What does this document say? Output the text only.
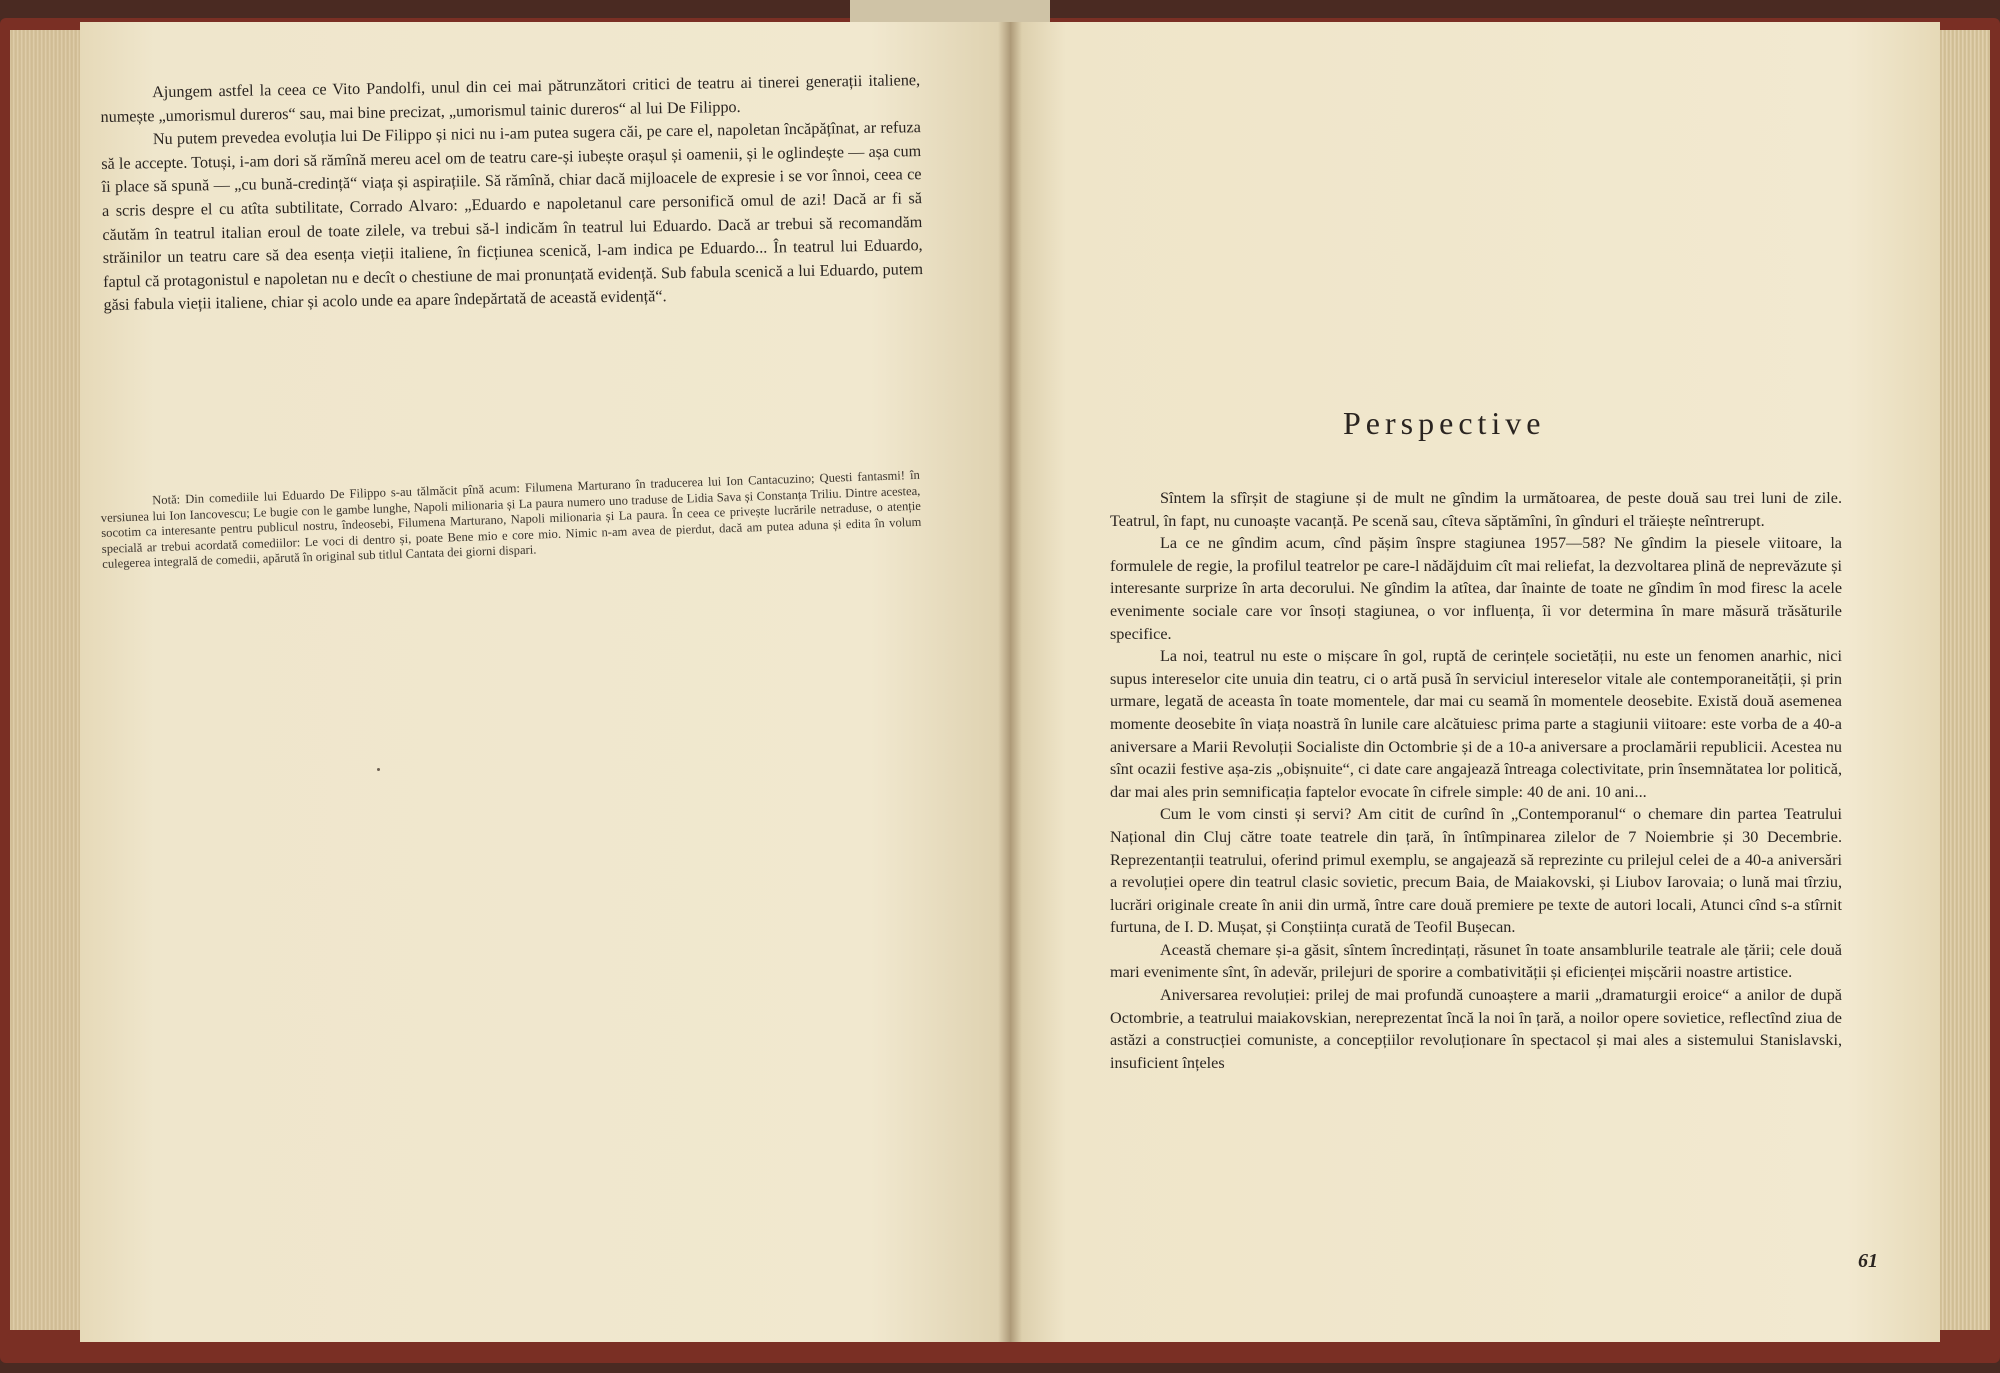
Ajungem astfel la ceea ce Vito Pandolfi, unul din cei mai pătrunzători critici de teatru ai tinerei generații italiene, numește „umorismul dureros“ sau, mai bine precizat, „umorismul tainic dureros“ al lui De Filippo.

Nu putem prevedea evoluția lui De Filippo și nici nu i-am putea sugera căi, pe care el, napoletan încăpățînat, ar refuza să le accepte. Totuși, i-am dori să rămînă mereu acel om de teatru care-și iubește orașul și oamenii, și le oglindește — așa cum îi place să spună — „cu bună-credință“ viața și aspirațiile. Să rămînă, chiar dacă mijloacele de expresie i se vor înnoi, ceea ce a scris despre el cu atîta subtilitate, Corrado Alvaro: „Eduardo e napoletanul care personifică omul de azi! Dacă ar fi să căutăm în teatrul italian eroul de toate zilele, va trebui să-l indicăm în teatrul lui Eduardo. Dacă ar trebui să recomandăm străinilor un teatru care să dea esența vieții italiene, în ficțiunea scenică, l-am indica pe Eduardo... În teatrul lui Eduardo, faptul că protagonistul e napoletan nu e decît o chestiune de mai pronunțată evidență. Sub fabula scenică a lui Eduardo, putem găsi fabula vieții italiene, chiar și acolo unde ea apare îndepărtată de această evidență“.

Notă: Din comediile lui Eduardo De Filippo s-au tălmăcit pînă acum: Filumena Marturano în traducerea lui Ion Cantacuzino; Questi fantasmi! în versiunea lui Ion Iancovescu; Le bugie con le gambe lunghe, Napoli milionaria și La paura numero uno traduse de Lidia Sava și Constanța Triliu. Dintre acestea, socotim ca interesante pentru publicul nostru, îndeosebi, Filumena Marturano, Napoli milionaria și La paura. În ceea ce privește lucrările netraduse, o atenție specială ar trebui acordată comediilor: Le voci di dentro și, poate Bene mio e core mio. Nimic n-am avea de pierdut, dacă am putea aduna și edita în volum culegerea integrală de comedii, apărută în original sub titlul Cantata dei giorni dispari.

Perspective

Sîntem la sfîrșit de stagiune și de mult ne gîndim la următoarea, de peste două sau trei luni de zile. Teatrul, în fapt, nu cunoaște vacanță. Pe scenă sau, cîteva săptămîni, în gînduri el trăiește neîntrerupt.

La ce ne gîndim acum, cînd pășim înspre stagiunea 1957—58? Ne gîndim la piesele viitoare, la formulele de regie, la profilul teatrelor pe care-l nădăjduim cît mai reliefat, la dezvoltarea plină de neprevăzute și interesante surprize în arta decorului. Ne gîndim la atîtea, dar înainte de toate ne gîndim în mod firesc la acele evenimente sociale care vor însoți stagiunea, o vor influența, îi vor determina în mare măsură trăsăturile specifice.

La noi, teatrul nu este o mișcare în gol, ruptă de cerințele societății, nu este un fenomen anarhic, nici supus intereselor cite unuia din teatru, ci o artă pusă în serviciul intereselor vitale ale contemporaneității, și prin urmare, legată de aceasta în toate momentele, dar mai cu seamă în momentele deosebite. Există două asemenea momente deosebite în viața noastră în lunile care alcătuiesc prima parte a stagiunii viitoare: este vorba de a 40-a aniversare a Marii Revoluții Socialiste din Octombrie și de a 10-a aniversare a proclamării republicii. Acestea nu sînt ocazii festive așa-zis „obișnuite“, ci date care angajează întreaga colectivitate, prin însemnătatea lor politică, dar mai ales prin semnificația faptelor evocate în cifrele simple: 40 de ani. 10 ani...

Cum le vom cinsti și servi? Am citit de curînd în „Contemporanul“ o chemare din partea Teatrului Național din Cluj către toate teatrele din țară, în întîmpinarea zilelor de 7 Noiembrie și 30 Decembrie. Reprezentanții teatrului, oferind primul exemplu, se angajează să reprezinte cu prilejul celei de a 40-a aniversări a revoluției opere din teatrul clasic sovietic, precum Baia, de Maiakovski, și Liubov Iarovaia; o lună mai tîrziu, lucrări originale create în anii din urmă, între care două premiere pe texte de autori locali, Atunci cînd s-a stîrnit furtuna, de I. D. Mușat, și Conștiința curată de Teofil Bușecan.

Această chemare și-a găsit, sîntem încredințați, răsunet în toate ansamblurile teatrale ale țării; cele două mari evenimente sînt, în adevăr, prilejuri de sporire a combativității și eficienței mișcării noastre artistice.

Aniversarea revoluției: prilej de mai profundă cunoaștere a marii „dramaturgii eroice“ a anilor de după Octombrie, a teatrului maiakovskian, nereprezentat încă la noi în țară, a noilor opere sovietice, reflectînd ziua de astăzi a construcției comuniste, a concepțiilor revoluționare în spectacol și mai ales a sistemului Stanislavski, insuficient înțeles

61
